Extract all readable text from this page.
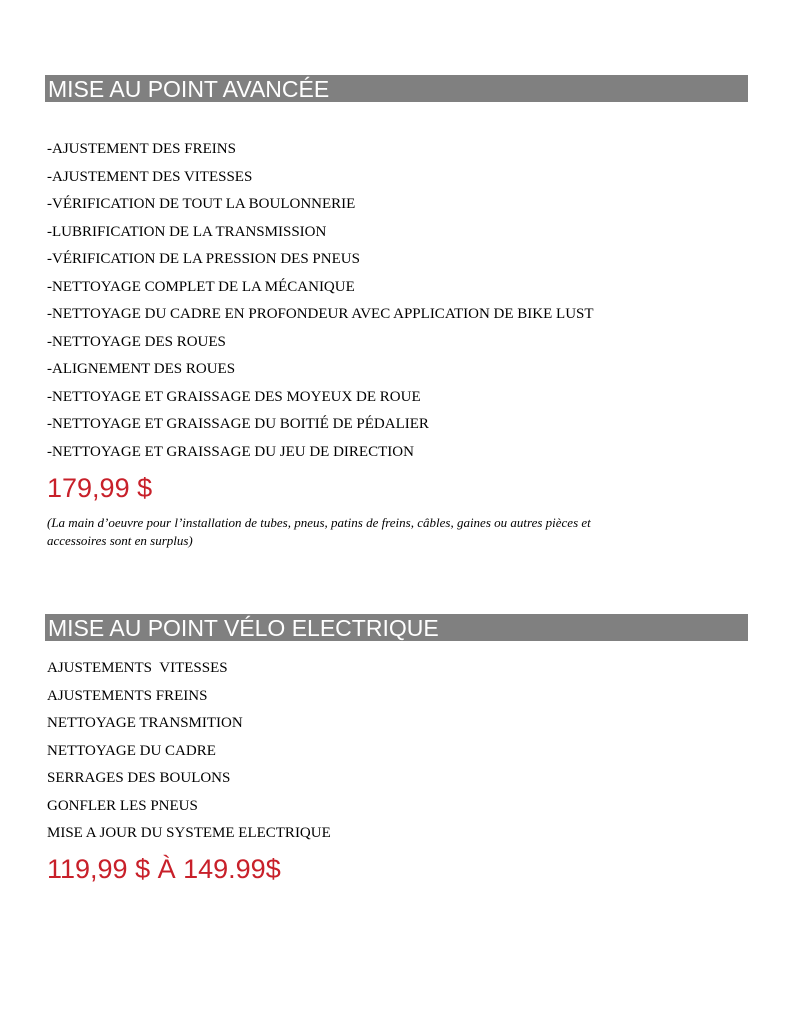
MISE AU POINT AVANCÉE
-AJUSTEMENT DES FREINS
-AJUSTEMENT DES VITESSES
-VÉRIFICATION DE TOUT LA BOULONNERIE
-LUBRIFICATION DE LA TRANSMISSION
-VÉRIFICATION DE LA PRESSION DES PNEUS
-NETTOYAGE COMPLET DE LA MÉCANIQUE
-NETTOYAGE DU CADRE EN PROFONDEUR AVEC APPLICATION DE BIKE LUST
-NETTOYAGE DES ROUES
-ALIGNEMENT DES ROUES
-NETTOYAGE ET GRAISSAGE DES MOYEUX DE ROUE
-NETTOYAGE ET GRAISSAGE DU BOITIÉ DE PÉDALIER
-NETTOYAGE ET GRAISSAGE DU JEU DE DIRECTION
179,99 $
(La main d’oeuvre pour l’installation de tubes, pneus, patins de freins, câbles, gaines ou autres pièces et accessoires sont en surplus)
MISE AU POINT VÉLO ELECTRIQUE
AJUSTEMENTS  VITESSES
AJUSTEMENTS FREINS
NETTOYAGE TRANSMITION
NETTOYAGE DU CADRE
SERRAGES DES BOULONS
GONFLER LES PNEUS
MISE A JOUR DU SYSTEME ELECTRIQUE
119,99 $ À 149.99$
